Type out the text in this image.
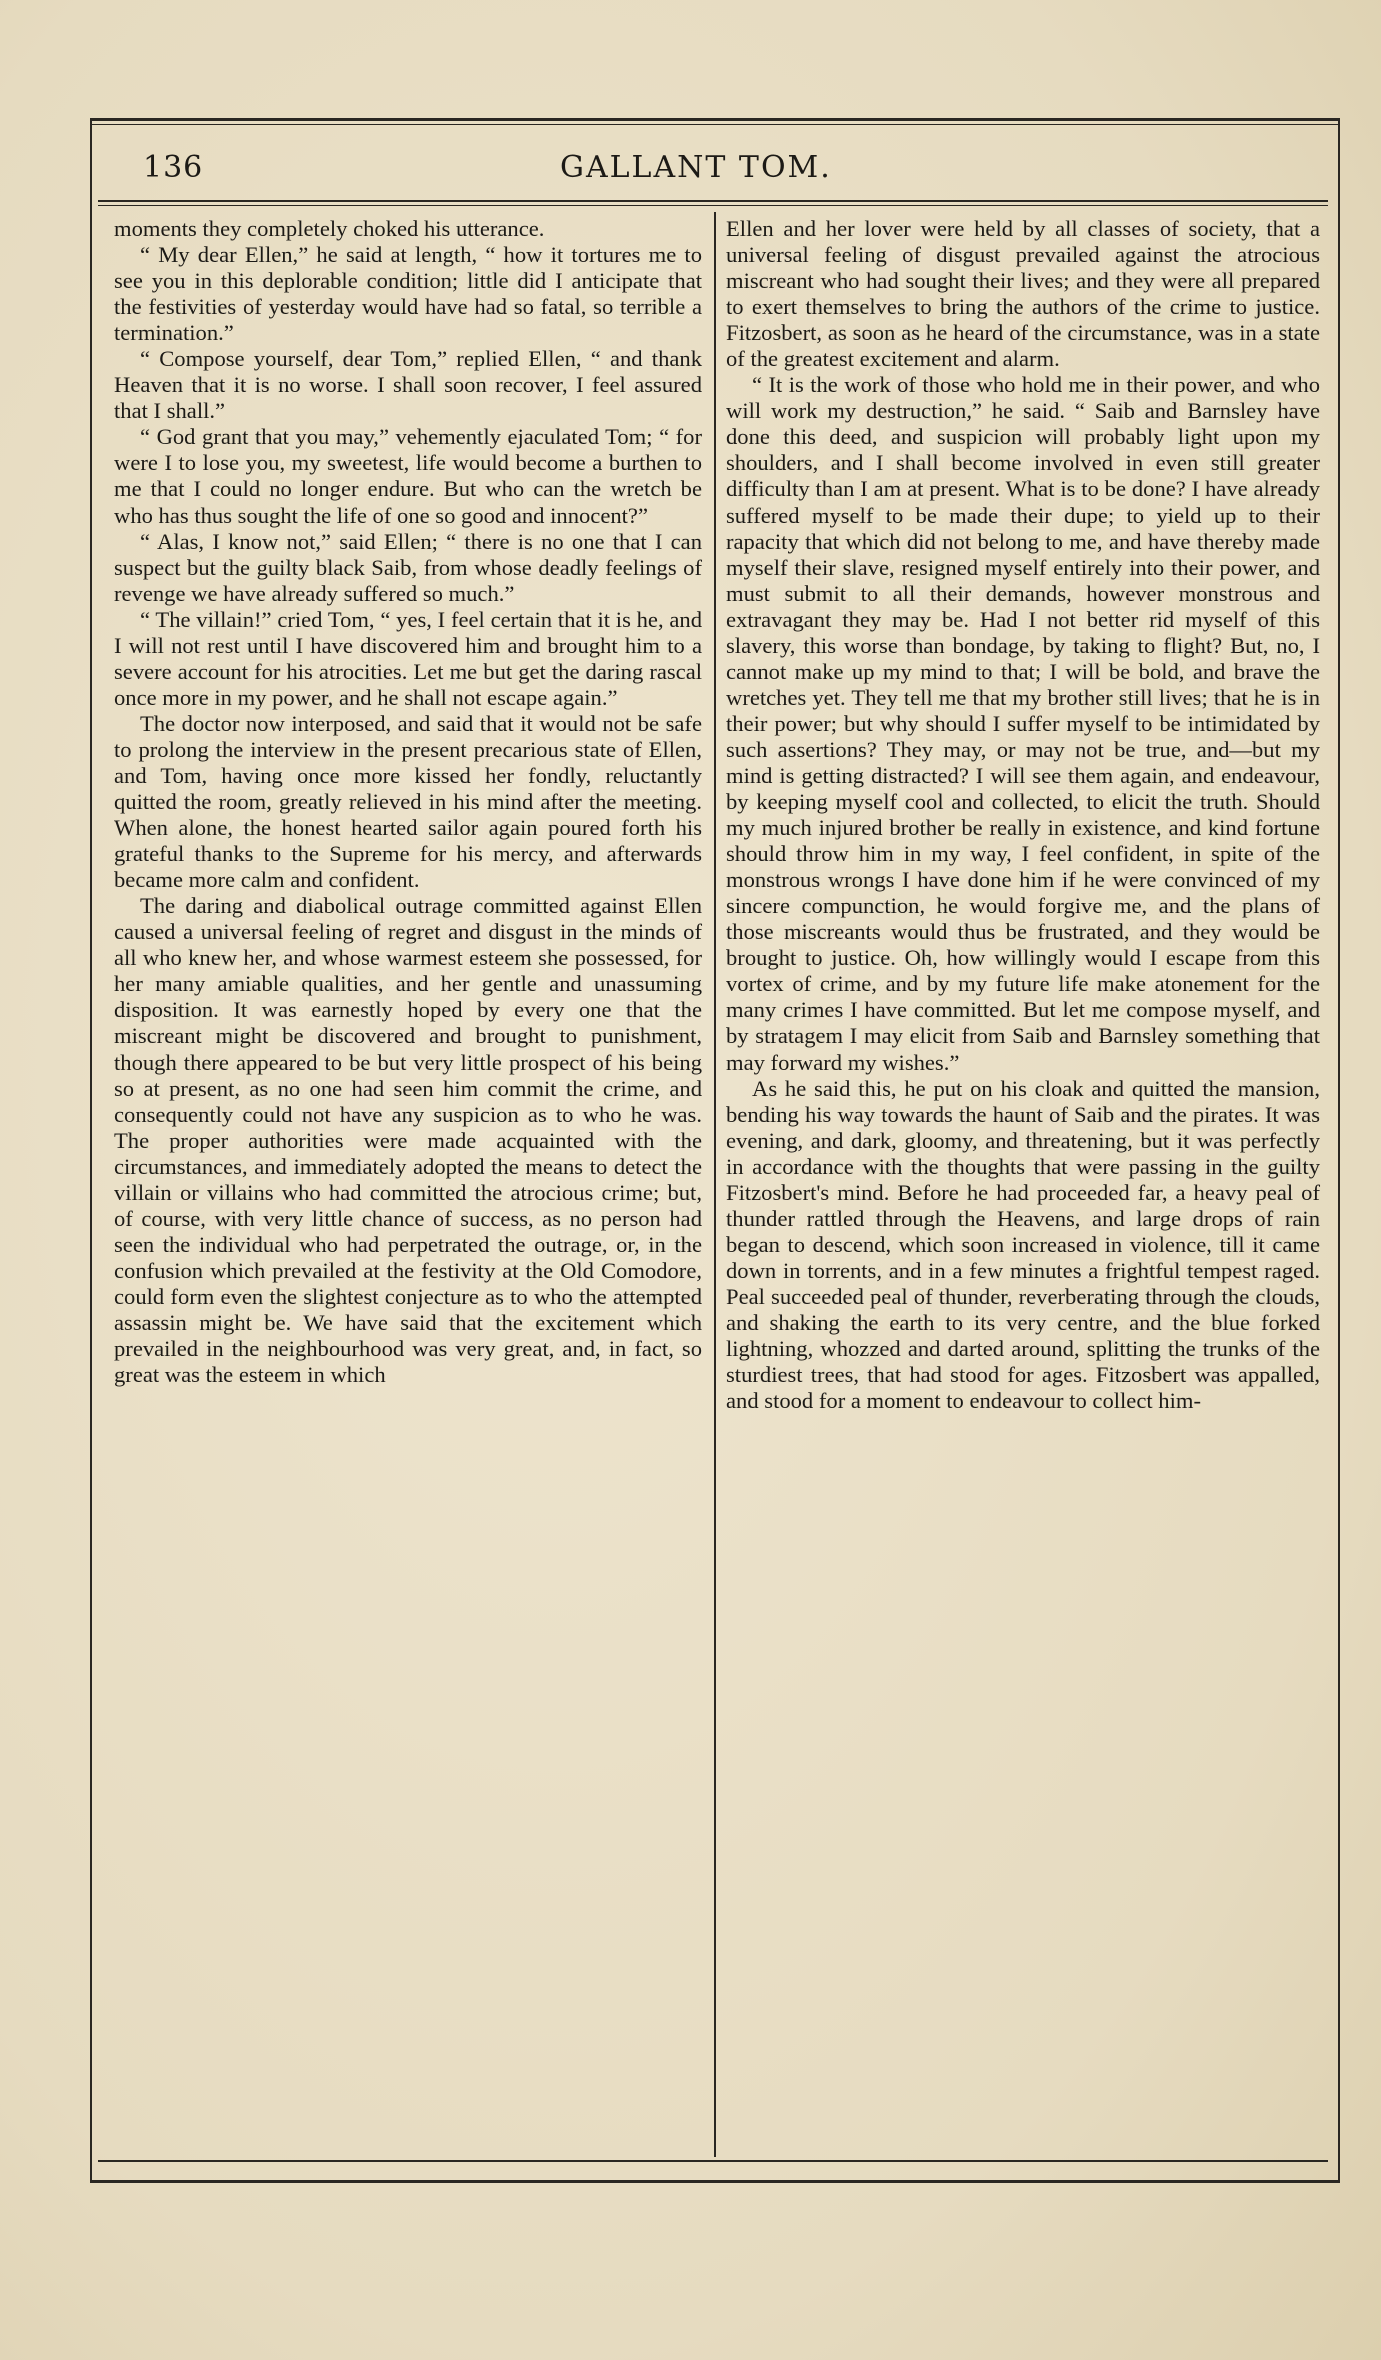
136	GALLANT TOM.

moments they completely choked his utterance.

“ My dear Ellen,” he said at length, “ how it tortures me to see you in this deplorable condition; little did I anticipate that the festivities of yesterday would have had so fatal, so terrible a termination.”

“ Compose yourself, dear Tom,” replied Ellen, “ and thank Heaven that it is no worse. I shall soon recover, I feel assured that I shall.”

“ God grant that you may,” vehemently ejaculated Tom; “ for were I to lose you, my sweetest, life would become a burthen to me that I could no longer endure. But who can the wretch be who has thus sought the life of one so good and innocent?”

“ Alas, I know not,” said Ellen; “ there is no one that I can suspect but the guilty black Saib, from whose deadly feelings of revenge we have already suffered so much.”

“ The villain!” cried Tom, “ yes, I feel certain that it is he, and I will not rest until I have discovered him and brought him to a severe account for his atrocities. Let me but get the daring rascal once more in my power, and he shall not escape again.”

The doctor now interposed, and said that it would not be safe to prolong the interview in the present precarious state of Ellen, and Tom, having once more kissed her fondly, reluctantly quitted the room, greatly relieved in his mind after the meeting. When alone, the honest hearted sailor again poured forth his grateful thanks to the Supreme for his mercy, and afterwards became more calm and confident.

The daring and diabolical outrage committed against Ellen caused a universal feeling of regret and disgust in the minds of all who knew her, and whose warmest esteem she possessed, for her many amiable qualities, and her gentle and unassuming disposition. It was earnestly hoped by every one that the miscreant might be discovered and brought to punishment, though there appeared to be but very little prospect of his being so at present, as no one had seen him commit the crime, and consequently could not have any suspicion as to who he was. The proper authorities were made acquainted with the circumstances, and immediately adopted the means to detect the villain or villains who had committed the atrocious crime; but, of course, with very little chance of success, as no person had seen the individual who had perpetrated the outrage, or, in the confusion which prevailed at the festivity at the Old Comodore, could form even the slightest conjecture as to who the attempted assassin might be. We have said that the excitement which prevailed in the neighbourhood was very great, and, in fact, so great was the esteem in which

Ellen and her lover were held by all classes of society, that a universal feeling of disgust prevailed against the atrocious miscreant who had sought their lives; and they were all prepared to exert themselves to bring the authors of the crime to justice. Fitzosbert, as soon as he heard of the circumstance, was in a state of the greatest excitement and alarm.

“ It is the work of those who hold me in their power, and who will work my destruction,” he said. “ Saib and Barnsley have done this deed, and suspicion will probably light upon my shoulders, and I shall become involved in even still greater difficulty than I am at present. What is to be done? I have already suffered myself to be made their dupe; to yield up to their rapacity that which did not belong to me, and have thereby made myself their slave, resigned myself entirely into their power, and must submit to all their demands, however monstrous and extravagant they may be. Had I not better rid myself of this slavery, this worse than bondage, by taking to flight? But, no, I cannot make up my mind to that; I will be bold, and brave the wretches yet. They tell me that my brother still lives; that he is in their power; but why should I suffer myself to be intimidated by such assertions? They may, or may not be true, and—but my mind is getting distracted? I will see them again, and endeavour, by keeping myself cool and collected, to elicit the truth. Should my much injured brother be really in existence, and kind fortune should throw him in my way, I feel confident, in spite of the monstrous wrongs I have done him if he were convinced of my sincere compunction, he would forgive me, and the plans of those miscreants would thus be frustrated, and they would be brought to justice. Oh, how willingly would I escape from this vortex of crime, and by my future life make atonement for the many crimes I have committed. But let me compose myself, and by stratagem I may elicit from Saib and Barnsley something that may forward my wishes.”

As he said this, he put on his cloak and quitted the mansion, bending his way towards the haunt of Saib and the pirates. It was evening, and dark, gloomy, and threatening, but it was perfectly in accordance with the thoughts that were passing in the guilty Fitzosbert's mind. Before he had proceeded far, a heavy peal of thunder rattled through the Heavens, and large drops of rain began to descend, which soon increased in violence, till it came down in torrents, and in a few minutes a frightful tempest raged. Peal succeeded peal of thunder, reverberating through the clouds, and shaking the earth to its very centre, and the blue forked lightning, whozzed and darted around, splitting the trunks of the sturdiest trees, that had stood for ages. Fitzosbert was appalled, and stood for a moment to endeavour to collect him-
